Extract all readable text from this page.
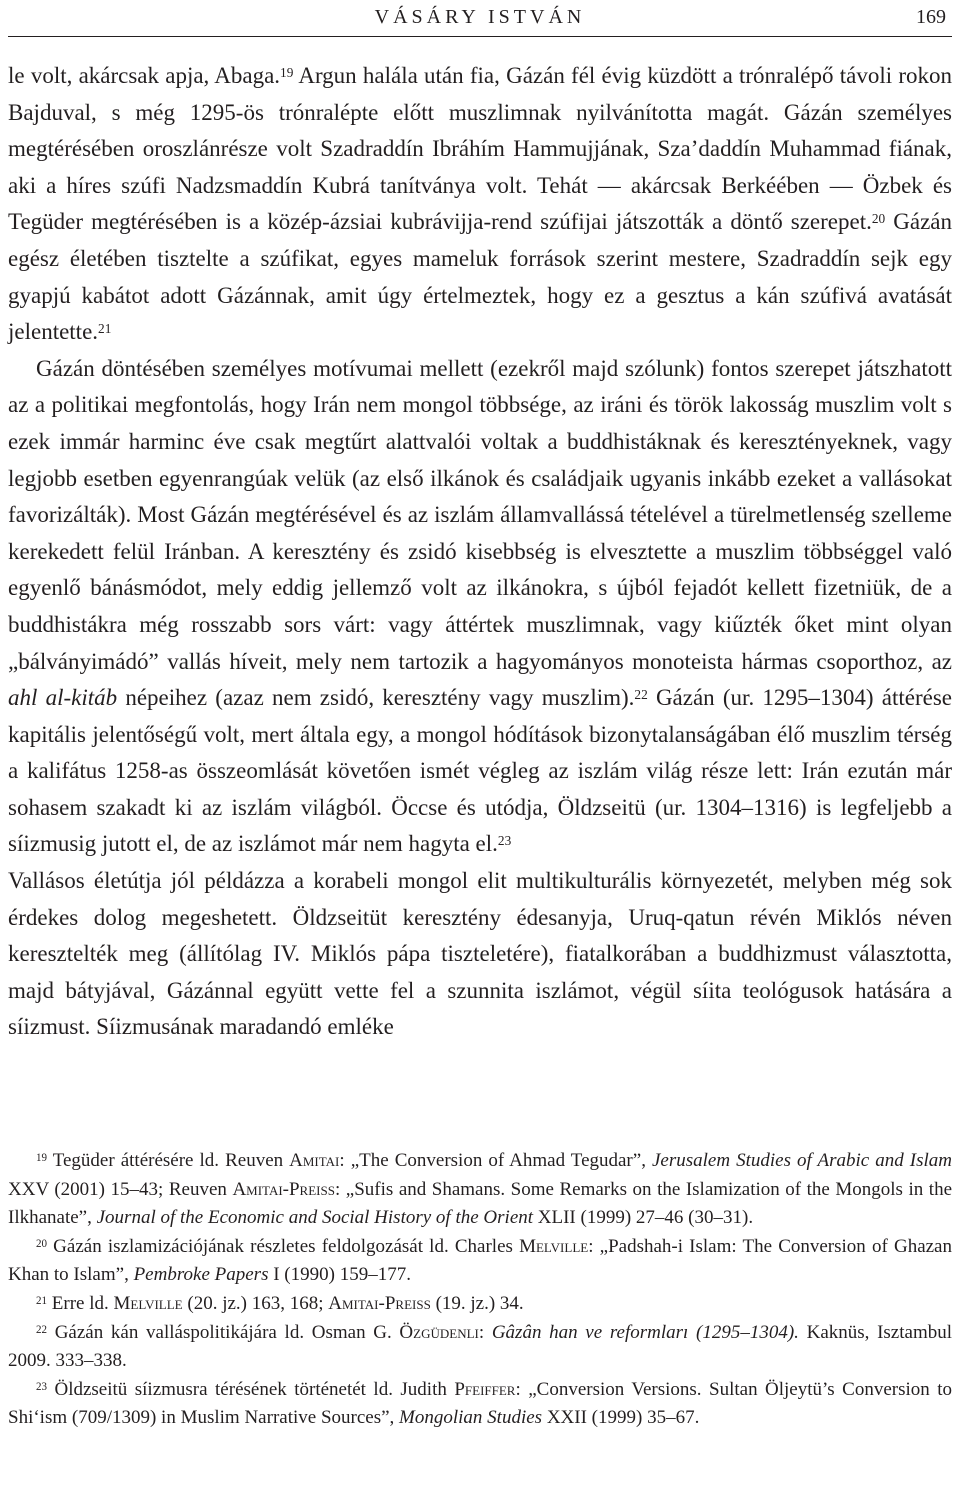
VÁSÁRY ISTVÁN	169

le volt, akárcsak apja, Abaga.$^{19}$ Argun halála után fia, Gázán fél évig küzdött a trónralépő távoli rokon Bajduval, s még 1295-ös trónralépte előtt muszlimnak nyilvánította magát. Gázán személyes megtérésében oroszlánrésze volt Szadraddín Ibráhím Hammujjának, Szaʼdaddín Muhammad fiának, aki a híres szúfi Nadzsmaddín Kubrá tanítványa volt. Tehát — akárcsak Berkéében — Özbek és Tegüder megtérésében is a közép-ázsiai kubrávijja-rend szúfijai játszották a döntő szerepet.$^{20}$ Gázán egész életében tisztelte a szúfikat, egyes mameluk források szerint mestere, Szadraddín sejk egy gyapjú kabátot adott Gázánnak, amit úgy értelmeztek, hogy ez a gesztus a kán szúfivá avatását jelentette.$^{21}$

Gázán döntésében személyes motívumai mellett (ezekről majd szólunk) fontos szerepet játszhatott az a politikai megfontolás, hogy Irán nem mongol többsége, az iráni és török lakosság muszlim volt s ezek immár harminc éve csak megtűrt alattvalói voltak a buddhistáknak és keresztényeknek, vagy legjobb esetben egyenrangúak velük (az első ilkánok és családjaik ugyanis inkább ezeket a vallásokat favorizálták). Most Gázán megtérésével és az iszlám államvallássá tételével a türelmetlenség szelleme kerekedett felül Iránban. A keresztény és zsidó kisebbség is elvesztette a muszlim többséggel való egyenlő bánásmódot, mely eddig jellemző volt az ilkánokra, s újból fejadót kellett fizetniük, de a buddhistákra még rosszabb sors várt: vagy áttértek muszlimnak, vagy kiűzték őket mint olyan „bálványimádó” vallás híveit, mely nem tartozik a hagyományos monoteista hármas csoporthoz, az ahl al-kitáb népeihez (azaz nem zsidó, keresztény vagy muszlim).$^{22}$ Gázán (ur. 1295–1304) áttérése kapitális jelentőségű volt, mert általa egy, a mongol hódítások bizonytalanságában élő muszlim térség a kalifátus 1258-as összeomlását követően ismét végleg az iszlám világ része lett: Irán ezután már sohasem szakadt ki az iszlám világból. Öccse és utódja, Öldzseitü (ur. 1304–1316) is legfeljebb a síizmusig jutott el, de az iszlámot már nem hagyta el.$^{23}$

Vallásos életútja jól példázza a korabeli mongol elit multikulturális környezetét, melyben még sok érdekes dolog megeshetett. Öldzseitüt keresztény édesanyja, Uruq-qatun révén Miklós néven keresztelték meg (állítólag IV. Miklós pápa tiszteletére), fiatalkorában a buddhizmust választotta, majd bátyjával, Gázánnal együtt vette fel a szunnita iszlámot, végül síita teológusok hatására a síizmust. Síizmusának maradandó emléke

$^{19}$ Tegüder áttérésére ld. Reuven Amitai: „The Conversion of Ahmad Tegudar”, Jerusalem Studies of Arabic and Islam XXV (2001) 15–43; Reuven Amitai-Preiss: „Sufis and Shamans. Some Remarks on the Islamization of the Mongols in the Ilkhanate”, Journal of the Economic and Social History of the Orient XLII (1999) 27–46 (30–31).

$^{20}$ Gázán iszlamizációjának részletes feldolgozását ld. Charles Melville: „Padshah-i Islam: The Conversion of Ghazan Khan to Islam”, Pembroke Papers I (1990) 159–177.

$^{21}$ Erre ld. Melville (20. jz.) 163, 168; Amitai-Preiss (19. jz.) 34.

$^{22}$ Gázán kán valláspolitikájára ld. Osman G. Özgüdenli: Gâzân han ve reformları (1295–1304). Kaknüs, Isztambul 2009. 333–338.

$^{23}$ Öldzseitü síizmusra térésének történetét ld. Judith Pfeiffer: „Conversion Versions. Sultan Öljeytü’s Conversion to Shiʻism (709/1309) in Muslim Narrative Sources”, Mongolian Studies XXII (1999) 35–67.
